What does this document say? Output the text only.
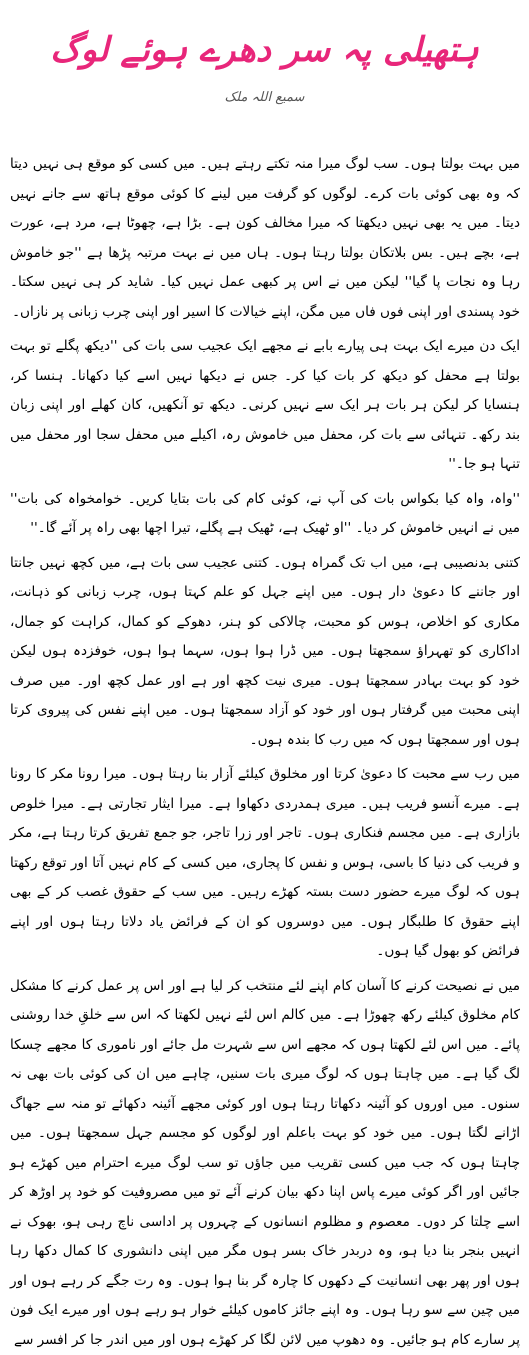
ہتھیلی پہ سر دھرے ہوئے لوگ

سمیع اللہ ملک

میں بہت بولتا ہوں۔ سب لوگ میرا منہ تکتے رہتے ہیں۔ میں کسی کو موقع ہی نہیں دیتا کہ وہ بھی کوئی بات کرے۔ لوگوں کو گرفت میں لینے کا کوئی موقع ہاتھ سے جانے نہیں دیتا۔ میں یہ بھی نہیں دیکھتا کہ میرا مخالف کون ہے۔ بڑا ہے، چھوٹا ہے، مرد ہے، عورت ہے، بچے ہیں۔ بس بلاتکان بولتا رہتا ہوں۔ ہاں میں نے بہت مرتبہ پڑھا ہے ''جو خاموش رہا وہ نجات پا گیا'' لیکن میں نے اس پر کبھی عمل نہیں کیا۔ شاید کر ہی نہیں سکتا۔ خود پسندی اور اپنی فوں فاں میں مگن، اپنے خیالات کا اسیر اور اپنی چرب زبانی پر نازاں۔

ایک دن میرے ایک بہت ہی پیارے بابے نے مجھے ایک عجیب سی بات کی ''دیکھ پگلے تو بہت بولتا ہے محفل کو دیکھ کر بات کیا کر۔ جس نے دیکھا نہیں اسے کیا دکھانا۔ ہنسا کر، ہنسایا کر لیکن ہر بات ہر ایک سے نہیں کرنی۔ دیکھ تو آنکھیں، کان کھلے اور اپنی زبان بند رکھ۔ تنہائی سے بات کر، محفل میں خاموش رہ، اکیلے میں محفل سجا اور محفل میں تنہا ہو جا۔''

''واہ، واہ کیا بکواس بات کی آپ نے، کوئی کام کی بات بتایا کریں۔ خوامخواہ کی بات'' میں نے انہیں خاموش کر دیا۔ ''او ٹھیک ہے، ٹھیک ہے پگلے، تیرا اچھا بھی راہ پر آئے گا۔''

کتنی بدنصیبی ہے، میں اب تک گمراہ ہوں۔ کتنی عجیب سی بات ہے، میں کچھ نہیں جانتا اور جاننے کا دعویٰ دار ہوں۔ میں اپنے جہل کو علم کہتا ہوں، چرب زبانی کو ذہانت، مکاری کو اخلاص، ہوس کو محبت، چالاکی کو ہنر، دھوکے کو کمال، کراہت کو جمال، اداکاری کو تھہراؤ سمجھتا ہوں۔ میں ڈرا ہوا ہوں، سہما ہوا ہوں، خوفزدہ ہوں لیکن خود کو بہت بہادر سمجھتا ہوں۔ میری نیت کچھ اور ہے اور عمل کچھ اور۔ میں صرف اپنی محبت میں گرفتار ہوں اور خود کو آزاد سمجھتا ہوں۔ میں اپنے نفس کی پیروی کرتا ہوں اور سمجھتا ہوں کہ میں رب کا بندہ ہوں۔

میں رب سے محبت کا دعویٰ کرتا اور مخلوق کیلئے آزار بنا رہتا ہوں۔ میرا رونا مکر کا رونا ہے۔ میرے آنسو فریب ہیں۔ میری ہمدردی دکھاوا ہے۔ میرا ایثار تجارتی ہے۔ میرا خلوص بازاری ہے۔ میں مجسم فنکاری ہوں۔ تاجر اور زرا تاجر، جو جمع تفریق کرتا رہتا ہے، مکر و فریب کی دنیا کا باسی، ہوس و نفس کا پجاری، میں کسی کے کام نہیں آتا اور توقع رکھتا ہوں کہ لوگ میرے حضور دست بستہ کھڑے رہیں۔ میں سب کے حقوق غصب کر کے بھی اپنے حقوق کا طلبگار ہوں۔ میں دوسروں کو ان کے فرائض یاد دلاتا رہتا ہوں اور اپنے فرائض کو بھول گیا ہوں۔

میں نے نصیحت کرنے کا آسان کام اپنے لئے منتخب کر لیا ہے اور اس پر عمل کرنے کا مشکل کام مخلوق کیلئے رکھ چھوڑا ہے۔ میں کالم اس لئے نہیں لکھتا کہ اس سے خلقِ خدا روشنی پائے۔ میں اس لئے لکھتا ہوں کہ مجھے اس سے شہرت مل جائے اور ناموری کا مجھے چسکا لگ گیا ہے۔ میں چاہتا ہوں کہ لوگ میری بات سنیں، چاہے میں ان کی کوئی بات بھی نہ سنوں۔ میں اوروں کو آئینہ دکھاتا رہتا ہوں اور کوئی مجھے آئینہ دکھائے تو منہ سے جھاگ اڑانے لگتا ہوں۔ میں خود کو بہت باعلم اور لوگوں کو مجسم جہل سمجھتا ہوں۔ میں چاہتا ہوں کہ جب میں کسی تقریب میں جاؤں تو سب لوگ میرے احترام میں کھڑے ہو جائیں اور اگر کوئی میرے پاس اپنا دکھ بیان کرنے آئے تو میں مصروفیت کو خود پر اوڑھ کر اسے چلتا کر دوں۔ معصوم و مظلوم انسانوں کے چہروں پر اداسی ناچ رہی ہو، بھوک نے انہیں بنجر بنا دیا ہو، وہ دربدر خاک بسر ہوں مگر میں اپنی دانشوری کا کمال دکھا رہا ہوں اور پھر بھی انسانیت کے دکھوں کا چارہ گر بنا ہوا ہوں۔ وہ رت جگے کر رہے ہوں اور میں چین سے سو رہا ہوں۔ وہ اپنے جائز کاموں کیلئے خوار ہو رہے ہوں اور میرے ایک فون پر سارے کام ہو جائیں۔ وہ دھوپ میں لائن لگا کر کھڑے ہوں اور میں اندر جا کر افسر سے
